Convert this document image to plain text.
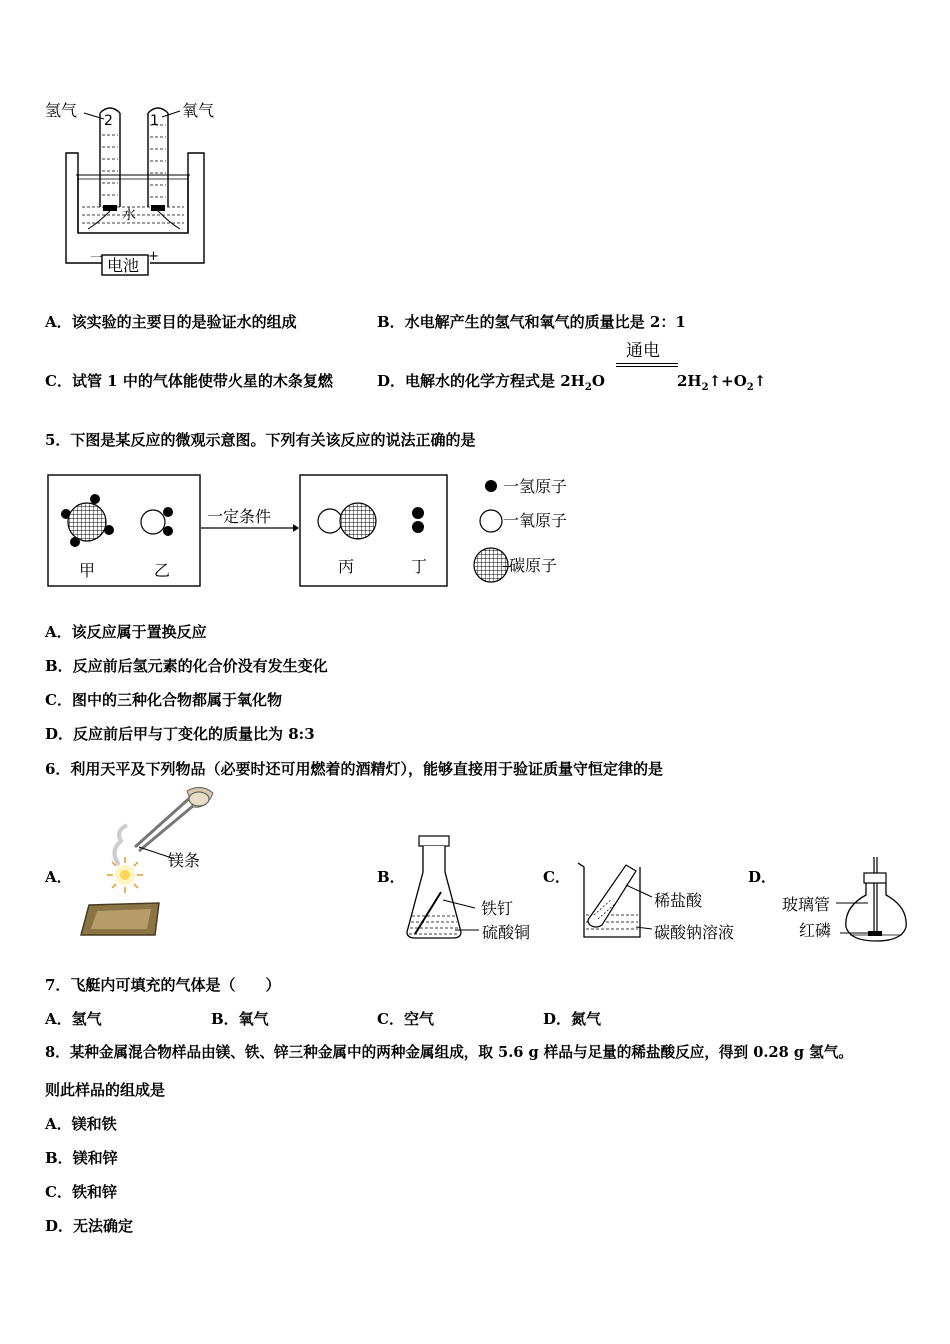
氢气	氧气
2	1
水
电池
一	+
A．该实验的主要目的是验证水的组成	B．水电解产生的氢气和氧气的质量比是 2：1
C．试管 1 中的气体能使带火星的木条复燃	D．电解水的化学方程式是 $2H_2O$
通电
$2H_2↑+O_2↑$
5．下图是某反应的微观示意图。下列有关该反应的说法正确的是
甲	乙	丙	丁
一定条件
一氢原子
一氧原子
碳原子
A．该反应属于置换反应
B．反应前后氢元素的化合价没有发生变化
C．图中的三种化合物都属于氧化物
D．反应前后甲与丁变化的质量比为 8:3
6．利用天平及下列物品（必要时还可用燃着的酒精灯），能够直接用于验证质量守恒定律的是
A．	B．	C．	D．
镁条
铁钉
硫酸铜
稀盐酸
碳酸钠溶液
玻璃管
红磷
7．飞艇内可填充的气体是（　　）
A．氢气	B．氧气	C．空气	D．氮气
8．某种金属混合物样品由镁、铁、锌三种金属中的两种金属组成，取 5.6 g 样品与足量的稀盐酸反应，得到 0.28 g 氢气。
则此样品的组成是
A．镁和铁
B．镁和锌
C．铁和锌
D．无法确定
